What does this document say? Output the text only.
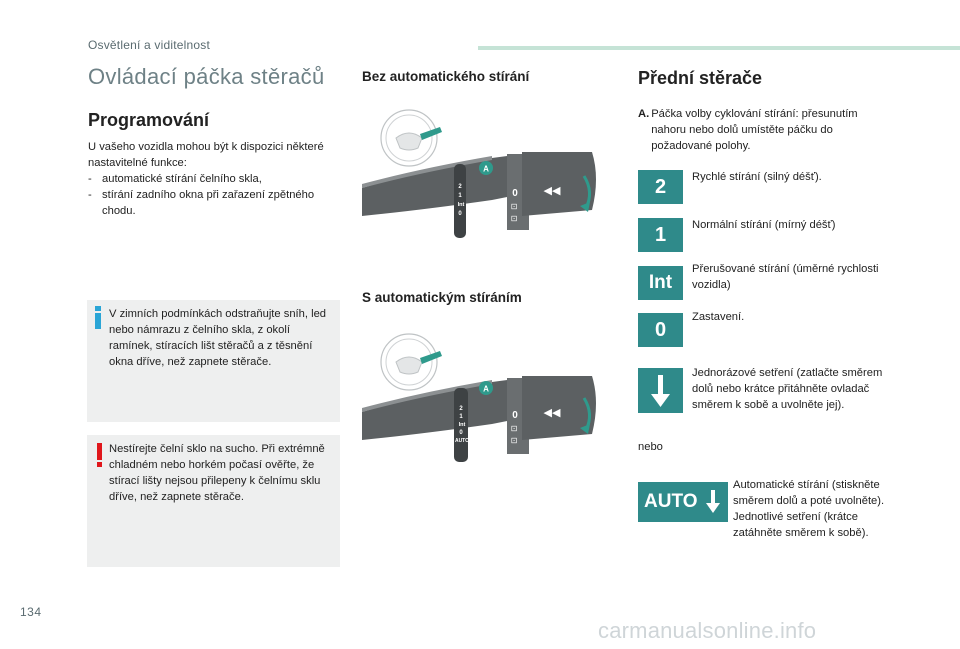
Osvětlení a viditelnost
Ovládací páčka stěračů
Programování
U vašeho vozidla mohou být k dispozici některé nastavitelné funkce:
- automatické stírání čelního skla,
- stírání zadního okna při zařazení zpětného chodu.
V zimních podmínkách odstraňujte sníh, led nebo námrazu z čelního skla, z okolí ramínek, stíracích lišt stěračů a z těsnění okna dříve, než zapnete stěrače.
Nestírejte čelní sklo na sucho. Při extrémně chladném nebo horkém počasí ověřte, že stírací lišty nejsou přilepeny k čelnímu sklu dříve, než zapnete stěrače.
Bez automatického stírání
A
2
1
Int
0
0
⊡
⊡
◀◀
S automatickým stíráním
A
2
1
Int
0
AUTO
0
⊡
⊡
◀◀
Přední stěrače
A. Páčka volby cyklování stírání: přesunutím nahoru nebo dolů umístěte páčku do požadované polohy.
2	Rychlé stírání (silný déšť).
1	Normální stírání (mírný déšť)
Int
Přerušované stírání (úměrné rychlosti vozidla)
0
Zastavení.
Jednorázové setření (zatlačte směrem dolů nebo krátce přitáhněte ovladač směrem k sobě a uvolněte jej).
nebo
AUTO
Automatické stírání (stiskněte směrem dolů a poté uvolněte). Jednotlivé setření (krátce zatáhněte směrem k sobě).
134
carmanualsonline.info
